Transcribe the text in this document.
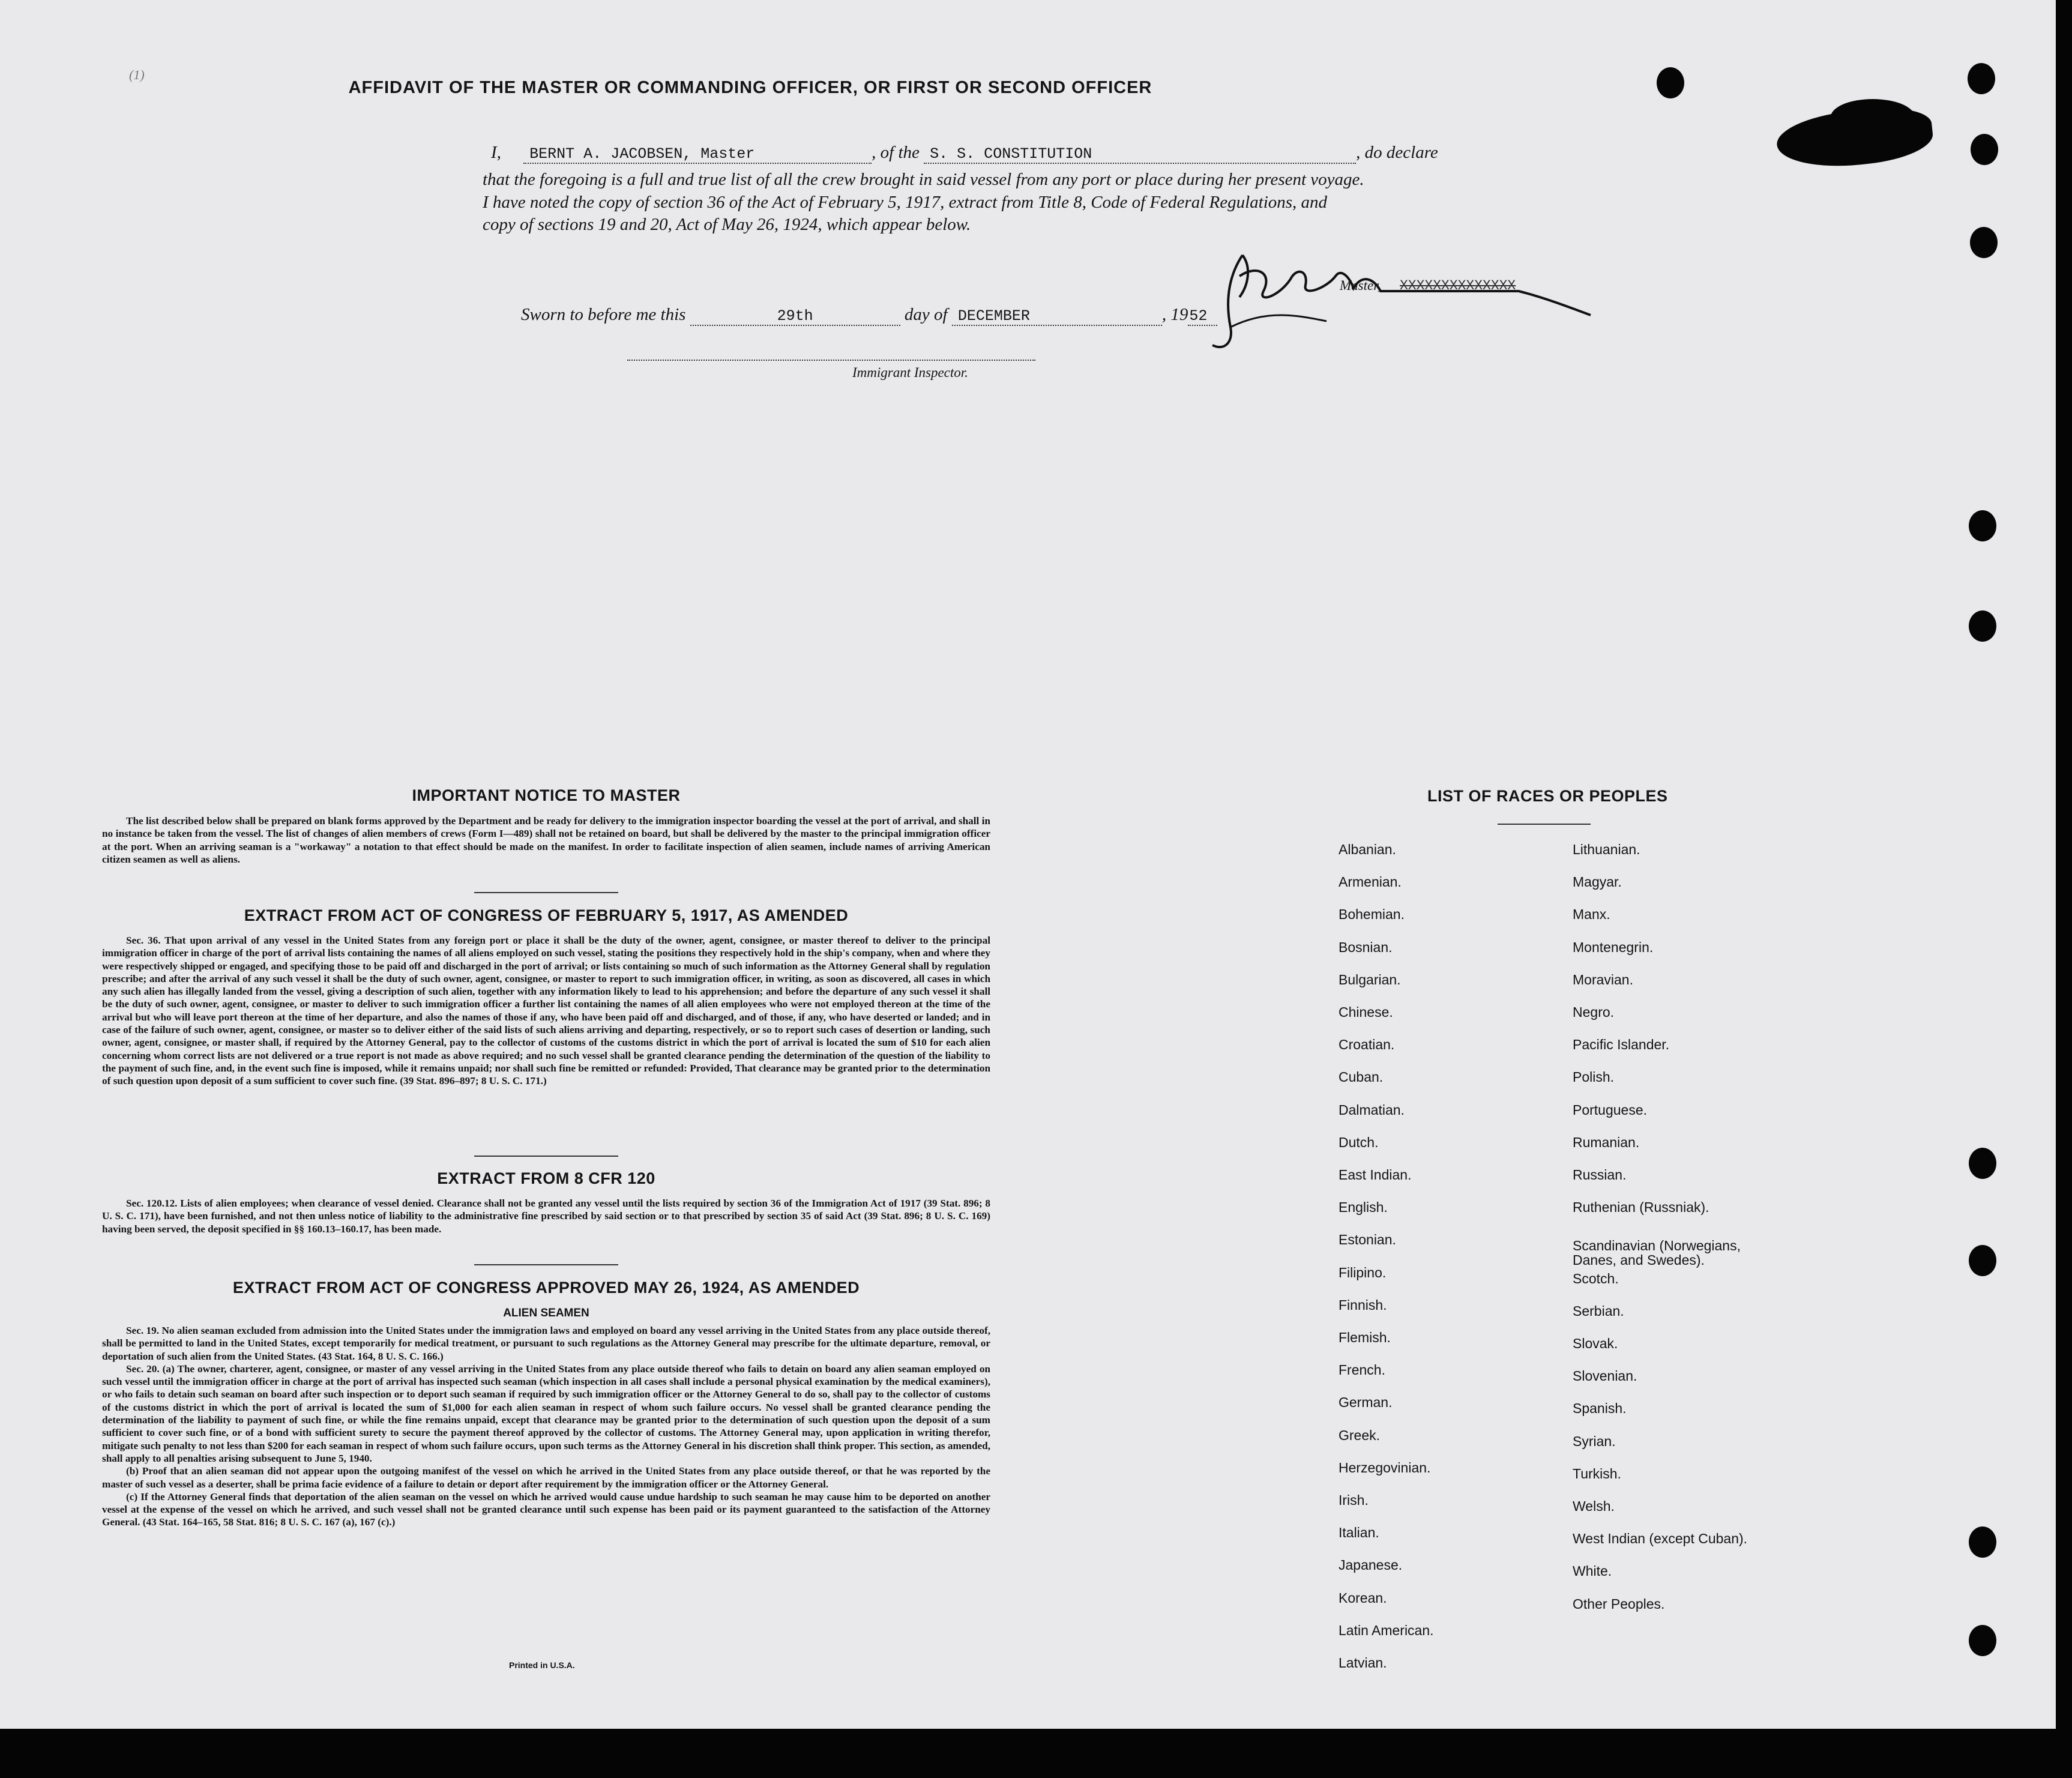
(1)
AFFIDAVIT OF THE MASTER OR COMMANDING OFFICER, OR FIRST OR SECOND OFFICER
I, BERNT A. JACOBSEN, Master	, of the S. S. CONSTITUTION	, do declare
that the foregoing is a full and true list of all the crew brought in said vessel from any port or place during her present voyage.
I have noted the copy of section 36 of the Act of February 5, 1917, extract from Title 8, Code of Federal Regulations, and
copy of sections 19 and 20, Act of May 26, 1924, which appear below.
Master, XXXXXXXXXXXXXX
Sworn to before me this	29th	day of DECEMBER	, 1952
Immigrant Inspector.
IMPORTANT NOTICE TO MASTER
The list described below shall be prepared on blank forms approved by the Department and be ready for delivery to the immigration inspector boarding the vessel at the port of arrival, and shall in no instance be taken from the vessel. The list of changes of alien members of crews (Form I—489) shall not be retained on board, but shall be delivered by the master to the principal immigration officer at the port. When an arriving seaman is a "workaway" a notation to that effect should be made on the manifest. In order to facilitate inspection of alien seamen, include names of arriving American citizen seamen as well as aliens.
EXTRACT FROM ACT OF CONGRESS OF FEBRUARY 5, 1917, AS AMENDED
Sec. 36. That upon arrival of any vessel in the United States from any foreign port or place it shall be the duty of the owner, agent, consignee, or master thereof to deliver to the principal immigration officer in charge of the port of arrival lists containing the names of all aliens employed on such vessel, stating the positions they respectively hold in the ship's company, when and where they were respectively shipped or engaged, and specifying those to be paid off and discharged in the port of arrival; or lists containing so much of such information as the Attorney General shall by regulation prescribe; and after the arrival of any such vessel it shall be the duty of such owner, agent, consignee, or master to report to such immigration officer, in writing, as soon as discovered, all cases in which any such alien has illegally landed from the vessel, giving a description of such alien, together with any information likely to lead to his apprehension; and before the departure of any such vessel it shall be the duty of such owner, agent, consignee, or master to deliver to such immigration officer a further list containing the names of all alien employees who were not employed thereon at the time of the arrival but who will leave port thereon at the time of her departure, and also the names of those if any, who have been paid off and discharged, and of those, if any, who have deserted or landed; and in case of the failure of such owner, agent, consignee, or master so to deliver either of the said lists of such aliens arriving and departing, respectively, or so to report such cases of desertion or landing, such owner, agent, consignee, or master shall, if required by the Attorney General, pay to the collector of customs of the customs district in which the port of arrival is located the sum of $10 for each alien concerning whom correct lists are not delivered or a true report is not made as above required; and no such vessel shall be granted clearance pending the determination of the question of the liability to the payment of such fine, and, in the event such fine is imposed, while it remains unpaid; nor shall such fine be remitted or refunded: Provided, That clearance may be granted prior to the determination of such question upon deposit of a sum sufficient to cover such fine. (39 Stat. 896–897; 8 U. S. C. 171.)
EXTRACT FROM 8 CFR 120
Sec. 120.12. Lists of alien employees; when clearance of vessel denied. Clearance shall not be granted any vessel until the lists required by section 36 of the Immigration Act of 1917 (39 Stat. 896; 8 U. S. C. 171), have been furnished, and not then unless notice of liability to the administrative fine prescribed by said section or to that prescribed by section 35 of said Act (39 Stat. 896; 8 U. S. C. 169) having been served, the deposit specified in §§ 160.13–160.17, has been made.
EXTRACT FROM ACT OF CONGRESS APPROVED MAY 26, 1924, AS AMENDED
ALIEN SEAMEN
Sec. 19. No alien seaman excluded from admission into the United States under the immigration laws and employed on board any vessel arriving in the United States from any place outside thereof, shall be permitted to land in the United States, except temporarily for medical treatment, or pursuant to such regulations as the Attorney General may prescribe for the ultimate departure, removal, or deportation of such alien from the United States. (43 Stat. 164, 8 U. S. C. 166.)
Sec. 20. (a) The owner, charterer, agent, consignee, or master of any vessel arriving in the United States from any place outside thereof who fails to detain on board any alien seaman employed on such vessel until the immigration officer in charge at the port of arrival has inspected such seaman (which inspection in all cases shall include a personal physical examination by the medical examiners), or who fails to detain such seaman on board after such inspection or to deport such seaman if required by such immigration officer or the Attorney General to do so, shall pay to the collector of customs of the customs district in which the port of arrival is located the sum of $1,000 for each alien seaman in respect of whom such failure occurs. No vessel shall be granted clearance pending the determination of the liability to payment of such fine, or while the fine remains unpaid, except that clearance may be granted prior to the determination of such question upon the deposit of a sum sufficient to cover such fine, or of a bond with sufficient surety to secure the payment thereof approved by the collector of customs. The Attorney General may, upon application in writing therefor, mitigate such penalty to not less than $200 for each seaman in respect of whom such failure occurs, upon such terms as the Attorney General in his discretion shall think proper. This section, as amended, shall apply to all penalties arising subsequent to June 5, 1940.
(b) Proof that an alien seaman did not appear upon the outgoing manifest of the vessel on which he arrived in the United States from any place outside thereof, or that he was reported by the master of such vessel as a deserter, shall be prima facie evidence of a failure to detain or deport after requirement by the immigration officer or the Attorney General.
(c) If the Attorney General finds that deportation of the alien seaman on the vessel on which he arrived would cause undue hardship to such seaman he may cause him to be deported on another vessel at the expense of the vessel on which he arrived, and such vessel shall not be granted clearance until such expense has been paid or its payment guaranteed to the satisfaction of the Attorney General. (43 Stat. 164–165, 58 Stat. 816; 8 U. S. C. 167 (a), 167 (c).)
Printed in U.S.A.
LIST OF RACES OR PEOPLES
Albanian.
Armenian.
Bohemian.
Bosnian.
Bulgarian.
Chinese.
Croatian.
Cuban.
Dalmatian.
Dutch.
East Indian.
English.
Estonian.
Filipino.
Finnish.
Flemish.
French.
German.
Greek.
Herzegovinian.
Irish.
Italian.
Japanese.
Korean.
Latin American.
Latvian.
Lithuanian.
Magyar.
Manx.
Montenegrin.
Moravian.
Negro.
Pacific Islander.
Polish.
Portuguese.
Rumanian.
Russian.
Ruthenian (Russniak).
Scandinavian (Norwegians,
Danes, and Swedes).
Scotch.
Serbian.
Slovak.
Slovenian.
Spanish.
Syrian.
Turkish.
Welsh.
West Indian (except Cuban).
White.
Other Peoples.
